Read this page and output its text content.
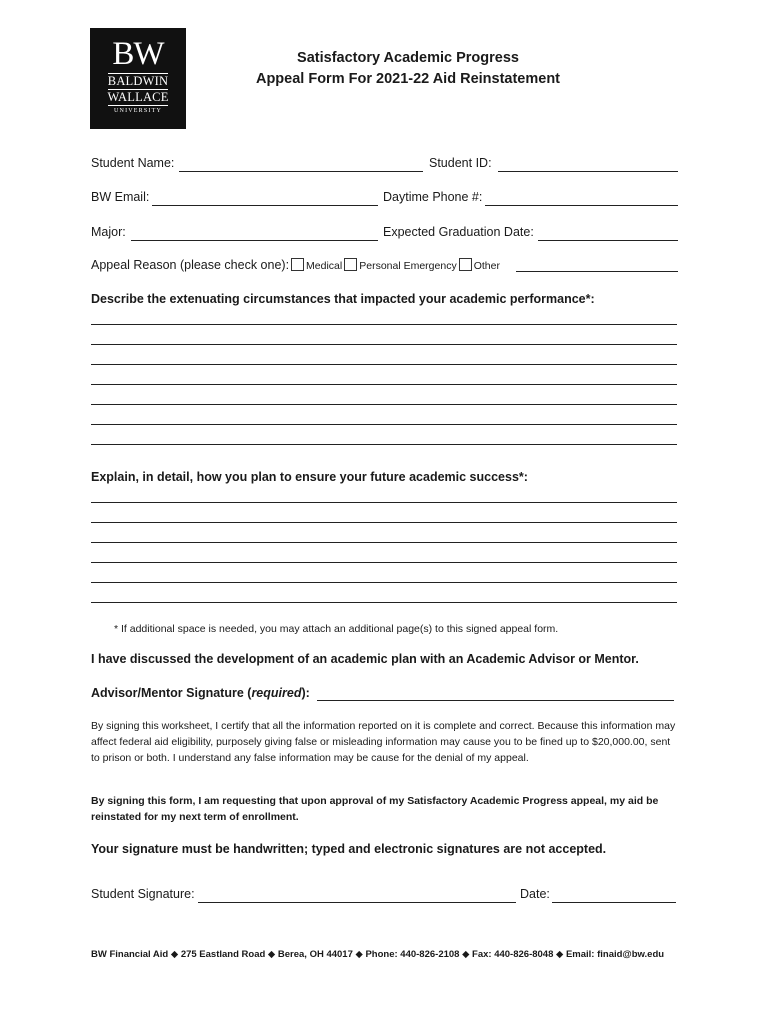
BW
BALDWIN
WALLACE
UNIVERSITY
Satisfactory Academic Progress
Appeal Form For 2021-22 Aid Reinstatement
Student Name:	Student ID:
BW Email:	Daytime Phone #:
Major:	Expected Graduation Date:
Appeal Reason (please check one): Medical Personal Emergency Other
Describe the extenuating circumstances that impacted your academic performance*:
Explain, in detail, how you plan to ensure your future academic success*:
* If additional space is needed, you may attach an additional page(s) to this signed appeal form.
I have discussed the development of an academic plan with an Academic Advisor or Mentor.
Advisor/Mentor Signature (required):
By signing this worksheet, I certify that all the information reported on it is complete and correct. Because this information may affect federal aid eligibility, purposely giving false or misleading information may cause you to be fined up to $20,000.00, sent to prison or both. I understand any false information may be cause for the denial of my appeal.
By signing this form, I am requesting that upon approval of my Satisfactory Academic Progress appeal, my aid be reinstated for my next term of enrollment.
Your signature must be handwritten; typed and electronic signatures are not accepted.
Student Signature:	Date:
BW Financial Aid ◆ 275 Eastland Road ◆ Berea, OH 44017 ◆ Phone: 440-826-2108 ◆ Fax: 440-826-8048 ◆ Email: finaid@bw.edu
